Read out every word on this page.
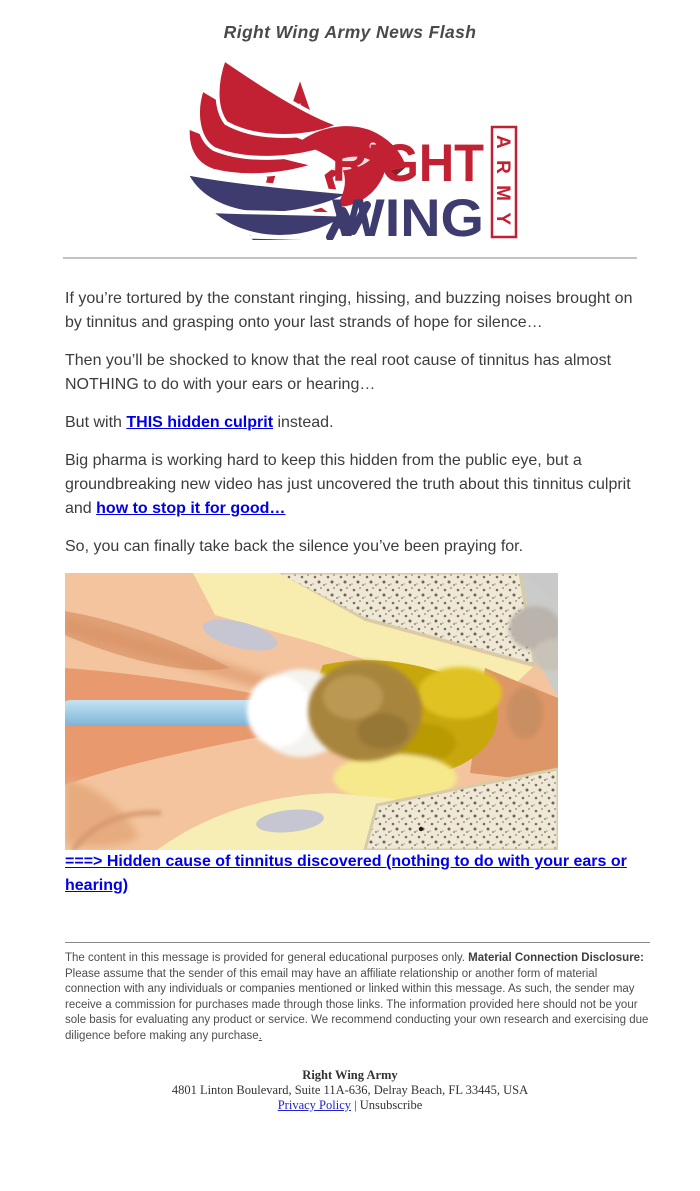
Right Wing Army News Flash
RIGHT
WING
ARMY

If you’re tortured by the constant ringing, hissing, and buzzing noises brought on by tinnitus and grasping onto your last strands of hope for silence…

Then you’ll be shocked to know that the real root cause of tinnitus has almost NOTHING to do with your ears or hearing…

But with THIS hidden culprit instead.

Big pharma is working hard to keep this hidden from the public eye, but a groundbreaking new video has just uncovered the truth about this tinnitus culprit and how to stop it for good…

So, you can finally take back the silence you’ve been praying for.

===> Hidden cause of tinnitus discovered (nothing to do with your ears or hearing)

The content in this message is provided for general educational purposes only. Material Connection Disclosure: Please assume that the sender of this email may have an affiliate relationship or another form of material connection with any individuals or companies mentioned or linked within this message. As such, the sender may receive a commission for purchases made through those links. The information provided here should not be your sole basis for evaluating any product or service. We recommend conducting your own research and exercising due diligence before making any purchase.
Right Wing Army
4801 Linton Boulevard, Suite 11A-636, Delray Beach, FL 33445, USA
Privacy Policy | Unsubscribe
